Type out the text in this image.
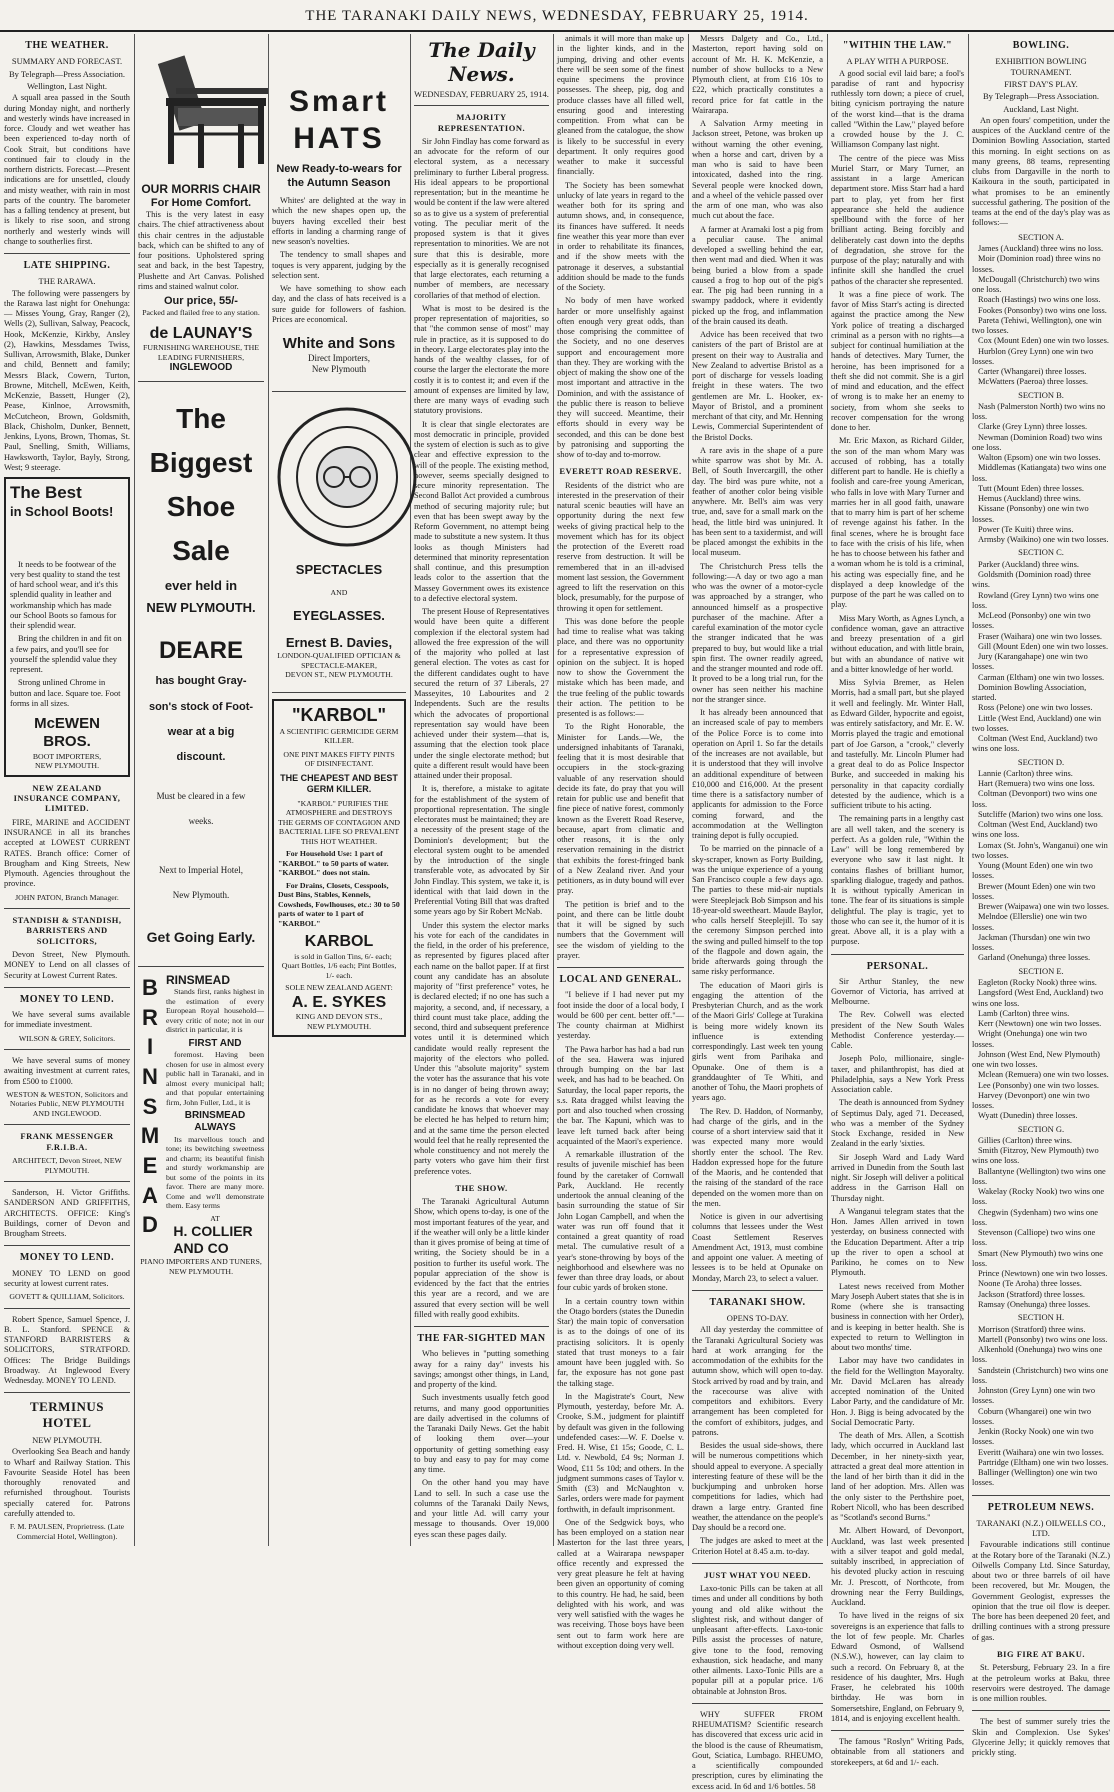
THE TARANAKI DAILY NEWS, WEDNESDAY, FEBRUARY 25, 1914.
THE WEATHER.
SUMMARY AND FORECAST.
By Telegraph—Press Association.
Wellington, Last Night.

A squall area passed in the South during Monday night, and northerly and westerly winds have increased in force. Cloudy and wet weather has been experienced to-day north of Cook Strait, but conditions have continued fair to cloudy in the northern districts. Forecast.—Present indications are for unsettled, cloudy and misty weather, with rain in most parts of the country. The barometer has a falling tendency at present, but is likely to rise soon, and strong northerly and westerly winds will change to southerlies first.

LATE SHIPPING.
THE RARAWA.

The following were passengers by the Rarawa last night for Onehunga:— Misses Young, Gray, Ranger (2), Wells (2), Sullivan, Salway, Peacock, Hook, McKenzie, Kirkby, Ansley (2), Hawkins, Messdames Twiss, Sullivan, Arrowsmith, Blake, Dunker and child, Bennett and family; Messrs Black, Cowern, Turton, Browne, Mitchell, McEwen, Keith, McKenzie, Bassett, Hunger (2), Pease, Kinlnoe, Arrowsmith, McCutcheon, Brown, Goldsmith, Black, Chisholm, Dunker, Bennett, Jenkins, Lyons, Brown, Thomas, St. Paul, Snelling, Smith, Williams, Hawksworth, Taylor, Bayly, Strong, West; 9 steerage.

The Best
in School Boots!

It needs to be footwear of the very best quality to stand the test of hard school wear, and it's this splendid quality in leather and workmanship which has made our School Boots so famous for their splendid wear.

Bring the children in and fit on a few pairs, and you'll see for yourself the splendid value they represent.

Strong unlined Chrome in button and lace. Square toe. Foot forms in all sizes.

McEWEN BROS.
BOOT IMPORTERS,
NEW PLYMOUTH.
NEW ZEALAND INSURANCE COMPANY, LIMITED.

FIRE, MARINE and ACCIDENT INSURANCE in all its branches accepted at LOWEST CURRENT RATES. Branch office: Corner of Brougham and King Streets, New Plymouth. Agencies throughout the province.

JOHN PATON, Branch Manager.
STANDISH & STANDISH, BARRISTERS AND SOLICITORS,

Devon Street, New Plymouth. MONEY to Lend on all classes of Security at Lowest Current Rates.

MONEY TO LEND.

We have several sums available for immediate investment.

WILSON & GREY, Solicitors.

We have several sums of money awaiting investment at current rates, from £500 to £1000.

WESTON & WESTON, Solicitors and Notaries Public, NEW PLYMOUTH AND INGLEWOOD.
FRANK MESSENGER F.R.I.B.A.
ARCHITECT, Devon Street, NEW PLYMOUTH.

Sanderson, H. Victor Griffiths. SANDERSON AND GRIFFITHS, ARCHITECTS. OFFICE: King's Buildings, corner of Devon and Brougham Streets.

MONEY TO LEND.

MONEY TO LEND on good security at lowest current rates.

GOVETT & QUILLIAM, Solicitors.

Robert Spence, Samuel Spence, J. B. L. Stanford. SPENCE & STANFORD BARRISTERS & SOLICITORS, STRATFORD. Offices: The Bridge Buildings Broadway. At Inglewood Every Wednesday. MONEY TO LEND.

TERMINUS HOTEL
NEW PLYMOUTH.

Overlooking Sea Beach and handy to Wharf and Railway Station. This Favourite Seaside Hotel has been thoroughly renovated and refurnished throughout. Tourists specially catered for. Patrons carefully attended to.

F. M. PAULSEN, Proprietress. (Late Commercial Hotel, Wellington).
OUR MORRIS CHAIR
For Home Comfort.

This is the very latest in easy chairs. The chief attractiveness about this chair centres in the adjustable back, which can be shifted to any of four positions. Upholstered spring seat and back, in the best Tapestry, Plushette and Art Canvas. Polished rims and stained walnut color.

Our price, 55/-
Packed and flailed free to any station.
de LAUNAY'S
FURNISHING WAREHOUSE, THE LEADING FURNISHERS,
INGLEWOOD
The
Biggest
Shoe
Sale
ever held in
NEW PLYMOUTH.
DEARE
has bought Gray-
son's stock of Foot-
wear at a big
discount.
Must be cleared in a few
weeks.
Next to Imperial Hotel,
New Plymouth.
Get Going Early.
B
R
I
N
S
M
E
A
D
RINSMEAD

Stands first, ranks highest in the estimation of every European Royal household—every critic of note; not in our district in particular, it is

FIRST AND

foremost. Having been chosen for use in almost every public hall in Taranaki, and in almost every municipal hall; and that popular entertaining firm, John Fuller, Ltd., it is

BRINSMEAD ALWAYS

Its marvellous touch and tone; its bewitching sweetness and charm; its beautiful finish and sturdy workmanship are but some of the points in its favor. There are many more. Come and we'll demonstrate them. Easy terms

AT
H. COLLIER AND CO
PIANO IMPORTERS AND TUNERS,
NEW PLYMOUTH.
Smart
HATS
New Ready-to-wears for the Autumn Season

Whites' are delighted at the way in which the new shapes open up, the buyers having excelled their best efforts in landing a charming range of new season's novelties.

The tendency to small shapes and toques is very apparent, judging by the selection sent.

We have something to show each day, and the class of hats received is a sure guide for followers of fashion. Prices are economical.

White and Sons
Direct Importers,
New Plymouth
SPECTACLES
AND
EYEGLASSES.
Ernest B. Davies,
LONDON-QUALIFIED OPTICIAN & SPECTACLE-MAKER,
DEVON ST., NEW PLYMOUTH.
"KARBOL"
A SCIENTIFIC GERMICIDE GERM KILLER.
ONE PINT MAKES FIFTY PINTS OF DISINFECTANT.
THE CHEAPEST AND BEST GERM KILLER.

"KARBOL" PURIFIES THE ATMOSPHERE and DESTROYS THE GERMS OF CONTAGION AND BACTERIAL LIFE SO PREVALENT THIS HOT WEATHER.

For Household Use: 1 part of "KARBOL" to 50 parts of water. "KARBOL" does not stain.

For Drains, Closets, Cesspools, Dust Bins, Stables, Kennels, Cowsheds, Fowlhouses, etc.: 30 to 50 parts of water to 1 part of "KARBOL"

KARBOL

is sold in Gallon Tins, 6/- each; Quart Bottles, 1/6 each; Pint Bottles, 1/- each.

SOLE NEW ZEALAND AGENT:
A. E. SYKES
KING AND DEVON STS.,
NEW PLYMOUTH.
The Daily News.
WEDNESDAY, FEBRUARY 25, 1914.
MAJORITY REPRESENTATION.

Sir John Findlay has come forward as an advocate for the reform of our electoral system, as a necessary preliminary to further Liberal progress. His ideal appears to be proportional representation; but in the meantime he would be content if the law were altered so as to give us a system of preferential voting. The peculiar merit of the proposed system is that it gives representation to minorities. We are not sure that this is desirable, more especially as it is generally recognised that large electorates, each returning a number of members, are necessary corollaries of that method of election.

What is most to be desired is the proper representation of majorities, so that "the common sense of most" may rule in practice, as it is supposed to do in theory. Large electorates play into the hands of the wealthy classes, for of course the larger the electorate the more costly it is to contest it; and even if the amount of expenses are limited by law, there are many ways of evading such statutory provisions.

It is clear that single electorates are most democratic in principle, provided the system of election is such as to give clear and effective expression to the will of the people. The existing method, however, seems specially designed to secure minority representation. The Second Ballot Act provided a cumbrous method of securing majority rule; but even that has been swept away by the Reform Government, no attempt being made to substitute a new system. It thus looks as though Ministers had determined that minority representation shall continue, and this presumption leads color to the assertion that the Massey Government owes its existence to a defective electoral system.

The present House of Representatives would have been quite a different complexion if the electoral system had allowed the free expression of the will of the majority who polled at last general election. The votes as cast for the different candidates ought to have secured the return of 37 Liberals, 27 Masseyites, 10 Labourites and 2 Independents. Such are the results which the advocates of proportional representation say would have been achieved under their system—that is, assuming that the election took place under the single electorate method; but quite a different result would have been attained under their proposal.

It is, therefore, a mistake to agitate for the establishment of the system of proportional representation. The single electorates must be maintained; they are a necessity of the present stage of the Dominion's development; but the electoral system ought to be amended by the introduction of the single transferable vote, as advocated by Sir John Findlay. This system, we take it, is identical with that laid down in the Preferential Voting Bill that was drafted some years ago by Sir Robert McNab.

Under this system the elector marks his vote for each of the candidates in the field, in the order of his preference, as represented by figures placed after each name on the ballot paper. If at first count any candidate has an absolute majority of "first preference" votes, he is declared elected; if no one has such a majority, a second, and, if necessary, a third count must take place, adding the second, third and subsequent preference votes until it is determined which candidate would really represent the majority of the electors who polled. Under this "absolute majority" system the voter has the assurance that his vote is in no danger of being thrown away; for as he records a vote for every candidate he knows that whoever may be elected he has helped to return him; and at the same time the person elected would feel that he really represented the whole constituency and not merely the party voters who gave him their first preference votes.

THE SHOW.

The Taranaki Agricultural Autumn Show, which opens to-day, is one of the most important features of the year, and if the weather will only be a little kinder than it gives promise of being at time of writing, the Society should be in a position to further its useful work. The popular appreciation of the show is evidenced by the fact that the entries this year are a record, and we are assured that every section will be well filled with really good exhibits.

THE FAR-SIGHTED MAN

Who believes in "putting something away for a rainy day" invests his savings; amongst other things, in Land, and property of the kind.

Such investments usually fetch good returns, and many good opportunities are daily advertised in the columns of the Taranaki Daily News. Get the habit of looking them over—your opportunity of getting something easy to buy and easy to pay for may come any time.

On the other hand you may have Land to sell. In such a case use the columns of the Taranaki Daily News, and your little Ad. will carry your message to thousands. Over 19,000 eyes scan these pages daily.

animals it will more than make up in the lighter kinds, and in the jumping, driving and other events there will be seen some of the finest equine specimens the province possesses. The sheep, pig, dog and produce classes have all filled well, ensuring good and interesting competition. From what can be gleaned from the catalogue, the show is likely to be successful in every department. It only requires good weather to make it successful financially.

The Society has been somewhat unlucky of late years in regard to the weather both for its spring and autumn shows, and, in consequence, its finances have suffered. It needs fine weather this year more than ever in order to rehabilitate its finances, and if the show meets with the patronage it deserves, a substantial addition should be made to the funds of the Society.

No body of men have worked harder or more unselfishly against often enough very great odds, than those comprising the committee of the Society, and no one deserves support and encouragement more than they. They are working with the object of making the show one of the most important and attractive in the Dominion, and with the assistance of the public there is reason to believe they will succeed. Meantime, their efforts should in every way be seconded, and this can be done best by patronising and supporting the show of to-day and to-morrow.

EVERETT ROAD RESERVE.

Residents of the district who are interested in the preservation of their natural scenic beauties will have an opportunity during the next few weeks of giving practical help to the movement which has for its object the protection of the Everett road reserve from destruction. It will be remembered that in an ill-advised moment last session, the Government agreed to lift the reservation on this block, presumably, for the purpose of throwing it open for settlement.

This was done before the people had time to realise what was taking place, and there was no opportunity for a representative expression of opinion on the subject. It is hoped now to show the Government the mistake which has been made, and the true feeling of the public towards their action. The petition to be presented is as follows:—

To the Right Honorable, the Minister for Lands.—We, the undersigned inhabitants of Taranaki, feeling that it is most desirable that occupiers in the stock-grazing valuable of any reservation should decide its fate, do pray that you will retain for public use and benefit that fine piece of native forest, commonly known as the Everett Road Reserve, because, apart from climatic and other reasons, it is the only reservation remaining in the district that exhibits the forest-fringed bank of a New Zealand river. And your petitioners, as in duty bound will ever pray.

The petition is brief and to the point, and there can be little doubt that it will be signed by such numbers that the Government will see the wisdom of yielding to the prayer.

LOCAL AND GENERAL.

"I believe if I had never put my foot inside the door of a local body, I would be 600 per cent. better off."—The county chairman at Midhirst yesterday.

The Pawa harbor has had a bad run of the sea. Hawera was injured through bumping on the bar last week, and has had to be beached. On Saturday, the local paper reports, the s.s. Rata dragged whilst leaving the port and also touched when crossing the bar. The Kapuni, which was to leave left turned back after being acquainted of the Maori's experience.

A remarkable illustration of the results of juvenile mischief has been found by the caretaker of Cornwall Park, Auckland. He recently undertook the annual cleaning of the basin surrounding the statue of Sir John Logan Campbell, and when the water was run off found that it contained a great quantity of road metal. The cumulative result of a year's stone-throwing by boys of the neighborhood and elsewhere was no fewer than three dray loads, or about four cubic yards of broken stone.

In a certain country town within the Otago borders (states the Dunedin Star) the main topic of conversation is as to the doings of one of its practising solicitors. It is openly stated that trust moneys to a fair amount have been juggled with. So far, the exposure has not gone past the talking stage.

In the Magistrate's Court, New Plymouth, yesterday, before Mr. A. Crooke, S.M., judgment for plaintiff by default was given in the following undefended cases:—W. F. Doelse v. Fred. H. Wise, £1 15s; Goode, C. L. Ltd. v. Newbold, £4 9s; Norman J. Wood, £11 5s 10d; and others. In the judgment summons cases of Taylor v. Smith (£3) and McNaughton v. Sarles, orders were made for payment forthwith, in default imprisonment.

One of the Sedgwick boys, who has been employed on a station near Masterton for the last three years, called at a Wairarapa newspaper office recently and expressed the very great pleasure he felt at having been given an opportunity of coming to this country. He had, he said, been delighted with his work, and was very well satisfied with the wages he was receiving. Those boys have been sent out to farm work here are without exception doing very well.

Messrs Dalgety and Co., Ltd., Masterton, report having sold on account of Mr. H. K. McKenzie, a number of show bullocks to a New Plymouth client, at from £16 10s to £22, which practically constitutes a record price for fat cattle in the Wairarapa.

A Salvation Army meeting in Jackson street, Petone, was broken up without warning the other evening, when a horse and cart, driven by a man who is said to have been intoxicated, dashed into the ring. Several people were knocked down, and a wheel of the vehicle passed over the arm of one man, who was also much cut about the face.

A farmer at Aramaki lost a pig from a peculiar cause. The animal developed a swelling behind the ear, then went mad and died. When it was being buried a blow from a spade caused a frog to hop out of the pig's ear. The pig had been running in a swampy paddock, where it evidently picked up the frog, and inflammation of the brain caused its death.

Advice has been received that two canisters of the part of Bristol are at present on their way to Australia and New Zealand to advertise Bristol as a port of discharge for vessels loading freight in these waters. The two gentlemen are Mr. L. Hooker, ex-Mayor of Bristol, and a prominent merchant of that city, and Mr. Henning Lewis, Commercial Superintendent of the Bristol Docks.

A rare avis in the shape of a pure white sparrow was shot by Mr. A. Bell, of South Invercargill, the other day. The bird was pure white, not a feather of another color being visible anywhere. Mr. Bell's aim was very true, and, save for a small mark on the head, the little bird was uninjured. It has been sent to a taxidermist, and will be placed amongst the exhibits in the local museum.

The Christchurch Press tells the following:—A day or two ago a man who was the owner of a motor-cycle was approached by a stranger, who announced himself as a prospective purchaser of the machine. After a careful examination of the motor cycle the stranger indicated that he was prepared to buy, but would like a trial spin first. The owner readily agreed, and the stranger mounted and rode off. It proved to be a long trial run, for the owner has seen neither his machine nor the stranger since.

It has already been announced that an increased scale of pay to members of the Police Force is to come into operation on April 1. So far the details of the increases are not available, but it is understood that they will involve an additional expenditure of between £10,000 and £16,000. At the present time there is a satisfactory number of applicants for admission to the Force coming forward, and the accommodation at the Wellington training depot is fully occupied.

To be married on the pinnacle of a sky-scraper, known as Forty Building, was the unique experience of a young San Francisco couple a few days ago. The parties to these mid-air nuptials were Steeplejack Bob Simpson and his 18-year-old sweetheart. Maude Baylor, who calls herself Steeplejill. To say the ceremony Simpson perched into the swing and pulled himself to the top of the flagpole and down again, the bride afterwards going through the same risky performance.

The education of Maori girls is engaging the attention of the Presbyterian Church, and as the work of the Maori Girls' College at Turakina is being more widely known its influence is extending correspondingly. Last week ten young girls went from Parihaka and Opunake. One of them is a granddaughter of Te Whiti, and another of Tohu, the Maori prophets of years ago.

The Rev. D. Haddon, of Normanby, had charge of the girls, and in the course of a short interview said that it was expected many more would shortly enter the school. The Rev. Haddon expressed hope for the future of the Maoris, and he contended that the raising of the standard of the race depended on the women more than on the men.

Notice is given in our advertising columns that lessees under the West Coast Settlement Reserves Amendment Act, 1913, must combine and appoint one valuer. A meeting of lessees is to be held at Opunake on Monday, March 23, to select a valuer.

TARANAKI SHOW.
OPENS TO-DAY.

All day yesterday the committee of the Taranaki Agricultural Society was hard at work arranging for the accommodation of the exhibits for the autumn show, which will open to-day. Stock arrived by road and by train, and the racecourse was alive with competitors and exhibitors. Every arrangement has been completed for the comfort of exhibitors, judges, and patrons.

Besides the usual side-shows, there will be numerous competitions which should appeal to everyone. A specially interesting feature of these will be the buckjumping and unbroken horse competitions for ladies, which had drawn a large entry. Granted fine weather, the attendance on the people's Day should be a record one.

The judges are asked to meet at the Criterion Hotel at 8.45 a.m. to-day.

JUST WHAT YOU NEED.

Laxo-tonic Pills can be taken at all times and under all conditions by both young and old alike without the slightest risk, and without danger of unpleasant after-effects. Laxo-tonic Pills assist the processes of nature, give tone to the food, removing exhaustion, sick headache, and many other ailments. Laxo-Tonic Pills are a popular pill at a popular price. 1/6 obtainable at Johnston Bros.

WHY SUFFER FROM RHEUMATISM? Scientific research has discovered that excess uric acid in the blood is the cause of Rheumatism, Gout, Sciatica, Lumbago. RHEUMO, a scientifically compounded prescription, cures by eliminating the excess acid. In 6d and 1/6 bottles. 58

"WITHIN THE LAW."
A PLAY WITH A PURPOSE.

A good social evil laid bare; a fool's paradise of rant and hypocrisy ruthlessly torn down; a piece of cruel, biting cynicism portraying the nature of the worst kind—that is the drama called "Within the Law," played before a crowded house by the J. C. Williamson Company last night.

The centre of the piece was Miss Muriel Starr, or Mary Turner, an assistant in a large American department store. Miss Starr had a hard part to play, yet from her first appearance she held the audience spellbound with the force of her brilliant acting. Being forcibly and deliberately cast down into the depths of degradation, she strove for the purpose of the play; naturally and with infinite skill she handled the cruel pathos of the character she represented.

It was a fine piece of work. The favor of Miss Starr's acting is directed against the practice among the New York police of treating a discharged criminal as a person with no rights—a subject for continual humiliation at the hands of detectives. Mary Turner, the heroine, has been imprisoned for a theft she did not commit. She is a girl of mind and education, and the effect of wrong is to make her an enemy to society, from whom she seeks to recover compensation for the wrong done to her.

Mr. Eric Maxon, as Richard Gilder, the son of the man whom Mary was accused of robbing, has a totally different part to handle. He is chiefly a foolish and care-free young American, who falls in love with Mary Turner and marries her in all good faith, unaware that to marry him is part of her scheme of revenge against his father. In the final scenes, where he is brought face to face with the crisis of his life, when he has to choose between his father and a woman whom he is told is a criminal, his acting was especially fine, and he displayed a deep knowledge of the purpose of the part he was called on to play.

Miss Mary Worth, as Agnes Lynch, a confidence woman, gave an attractive and breezy presentation of a girl without education, and with little brain, but with an abundance of native wit and a bitter knowledge of her world.

Miss Sylvia Bremer, as Helen Morris, had a small part, but she played it well and feelingly. Mr. Winter Hall, as Edward Gilder, hypocrite and egoist, was entirely satisfactory, and Mr. E. W. Morris played the tragic and emotional part of Joe Garson, a "crook," cleverly and tastefully. Mr. Lincoln Plumer had a great deal to do as Police Inspector Burke, and succeeded in making his personality in that capacity cordially detested by the audience, which is a sufficient tribute to his acting.

The remaining parts in a lengthy cast are all well taken, and the scenery is perfect. As a golden rule, "Within the Law" will be long remembered by everyone who saw it last night. It contains flashes of brilliant humor, sparkling dialogue, tragedy and pathos. It is without typically American in tone. The fear of its situations is simple delightful. The play is tragic, yet to those who can see it, the humor of it is great. Above all, it is a play with a purpose.

PERSONAL.

Sir Arthur Stanley, the new Governor of Victoria, has arrived at Melbourne.

The Rev. Colwell was elected president of the New South Wales Methodist Conference yesterday.—Cable.

Joseph Polo, millionaire, single-taxer, and philanthropist, has died at Philadelphia, says a New York Press Association cable.

The death is announced from Sydney of Septimus Daly, aged 71. Deceased, who was a member of the Sydney Stock Exchange, resided in New Zealand in the early 'sixties.

Sir Joseph Ward and Lady Ward arrived in Dunedin from the South last night. Sir Joseph will deliver a political address in the Garrison Hall on Thursday night.

A Wanganui telegram states that the Hon. James Allen arrived in town yesterday, on business connected with the Education Department. After a trip up the river to open a school at Parikino, he comes on to New Plymouth.

Latest news received from Mother Mary Joseph Aubert states that she is in Rome (where she is transacting business in connection with her Order), and is keeping in better health. She is expected to return to Wellington in about two months' time.

Labor may have two candidates in the field for the Wellington Mayoralty. Mr. David McLaren has already accepted nomination of the United Labor Party, and the candidature of Mr. Hon. J. Bigg is being advocated by the Social Democratic Party.

The death of Mrs. Allen, a Scottish lady, which occurred in Auckland last December, in her ninety-sixth year, attracted a great deal more attention in the land of her birth than it did in the land of her adoption. Mrs. Allen was the only sister to the Perthshire poet, Robert Nicoll, who has been described as "Scotland's second Burns."

Mr. Albert Howard, of Devonport, Auckland, was last week presented with a silver teapot and gold medal, suitably inscribed, in appreciation of his devoted plucky action in rescuing Mr. J. Prescott, of Northcote, from drowning near the Ferry Buildings, Auckland.

To have lived in the reigns of six sovereigns is an experience that falls to the lot of few people. Mr. Charles Edward Osmond, of Wallsend (N.S.W.), however, can lay claim to such a record. On February 8, at the residence of his daughter, Mrs. Hugh Fraser, he celebrated his 100th birthday. He was born in Somersetshire, England, on February 9, 1814, and is enjoying excellent health.

The famous "Roslyn" Writing Pads, obtainable from all stationers and storekeepers, at 6d and 1/- each.

BOWLING.
EXHIBITION BOWLING TOURNAMENT.
FIRST DAY'S PLAY.
By Telegraph—Press Association.
Auckland, Last Night.

An open fours' competition, under the auspices of the Auckland centre of the Dominion Bowling Association, started this morning. In eight sections on as many greens, 88 teams, representing clubs from Dargaville in the north to Kaikoura in the south, participated in what promises to be an eminently successful gathering. The position of the teams at the end of the day's play was as follows:—

SECTION A.
James (Auckland) three wins no loss.
Moir (Dominion road) three wins no losses.
McDougall (Christchurch) two wins one loss.
Roach (Hastings) two wins one loss.
Fookes (Ponsonby) two wins one loss.
Pareta (Tehiwi, Wellington), one win two losses.
Cox (Mount Eden) one win two losses.
Hurblon (Grey Lynn) one win two losses.
Carter (Whangarei) three losses.
McWatters (Paeroa) three losses.
SECTION B.
Nash (Palmerston North) two wins no loss.
Clarke (Grey Lynn) three losses.
Newman (Dominion Road) two wins one loss.
Walton (Epsom) one win two losses.
Middlemas (Katiangata) two wins one loss.
Tutt (Mount Eden) three losses.
Hemus (Auckland) three wins.
Kissane (Ponsonby) one win two losses.
Power (Te Kuiti) three wins.
Armsby (Waikino) one win two losses.
SECTION C.
Parker (Auckland) three wins.
Goldsmith (Dominion road) three wins.
Rowland (Grey Lynn) two wins one loss.
McLeod (Ponsonby) one win two losses.
Fraser (Waihara) one win two losses.
Gill (Mount Eden) one win two losses.
Jury (Karangahape) one win two losses.
Carman (Eltham) one win two losses.
Dominion Bowling Association, started.
Ross (Pelone) one win two losses.
Little (West End, Auckland) one win two losses.
Coltman (West End, Auckland) two wins one loss.
SECTION D.
Lannie (Carlton) three wins.
Hart (Remuera) two wins one loss.
Coltman (Devonport) two wins one loss.
Sutcliffe (Marion) two wins one loss.
Coltman (West End, Auckland) two wins one loss.
Lomax (St. John's, Wanganui) one win two losses.
Young (Mount Eden) one win two losses.
Brewer (Mount Eden) one win two losses.
Brewer (Waipawa) one win two losses.
Melndoe (Ellerslie) one win two losses.
Jackman (Thursdan) one win two losses.
Garland (Onehunga) three losses.
SECTION E.
Eagleton (Rocky Nook) three wins.
Langsford (West End, Auckland) two wins one loss.
Lamb (Carlton) three wins.
Kerr (Newtown) one win two losses.
Wright (Onehunga) one win two losses.
Johnson (West End, New Plymouth) one win two losses.
Mclean (Remuera) one win two losses.
Lee (Ponsonby) one win two losses.
Harvey (Devonport) one win two losses.
Wyatt (Dunedin) three losses.
SECTION G.
Gillies (Carlton) three wins.
Smith (Fitzroy, New Plymouth) two wins one loss.
Ballantyne (Wellington) two wins one loss.
Wakelay (Rocky Nook) two wins one loss.
Chegwin (Sydenham) two wins one loss.
Stevenson (Calliope) two wins one loss.
Smart (New Plymouth) two wins one loss.
Prince (Newtown) one win two losses.
Noone (Te Aroha) three losses.
Jackson (Stratford) three losses.
Ramsay (Onehunga) three losses.
SECTION H.
Morrison (Stratford) three wins.
Martell (Ponsonby) two wins one loss.
Alkenhold (Onehunga) two wins one loss.
Sandstein (Christchurch) two wins one loss.
Johnston (Grey Lynn) one win two losses.
Coburn (Whangarei) one win two losses.
Jenkin (Rocky Nook) one win two losses.
Everitt (Waihara) one win two losses.
Partridge (Eltham) one win two losses.
Ballinger (Wellington) one win two losses.
PETROLEUM NEWS.
TARANAKI (N.Z.) OILWELLS CO., LTD.

Favourable indications still continue at the Rotary bore of the Taranaki (N.Z.) Oilwells Company Ltd. Since Saturday, about two or three barrels of oil have been recovered, but Mr. Mougen, the Government Geologist, expresses the opinion that the true oil flow is deeper. The bore has been deepened 20 feet, and drilling continues with a strong pressure of gas.

BIG FIRE AT BAKU.

St. Petersburg, February 23. In a fire at the petroleum works at Baku, three reservoirs were destroyed. The damage is one million roubles.

The best of summer surely tries the Skin and Complexion. Use Sykes' Glycerine Jelly; it quickly removes that prickly sting.
